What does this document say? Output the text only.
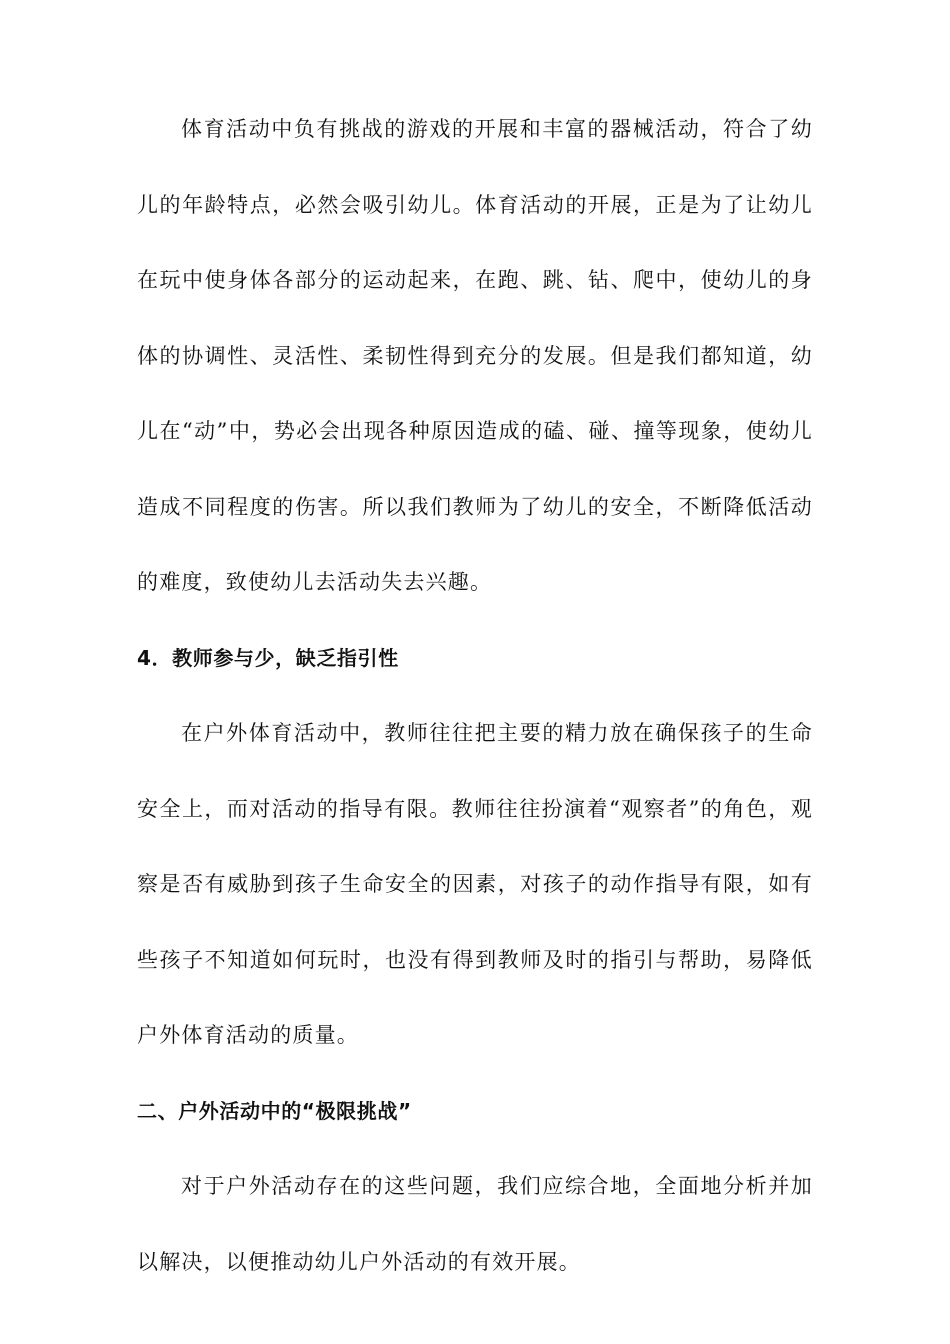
体育活动中负有挑战的游戏的开展和丰富的器械活动，符合了幼儿的年龄特点，必然会吸引幼儿。体育活动的开展，正是为了让幼儿在玩中使身体各部分的运动起来，在跑、跳、钻、爬中，使幼儿的身体的协调性、灵活性、柔韧性得到充分的发展。但是我们都知道，幼儿在“动”中，势必会出现各种原因造成的磕、碰、撞等现象，使幼儿造成不同程度的伤害。所以我们教师为了幼儿的安全，不断降低活动的难度，致使幼儿去活动失去兴趣。

4．教师参与少，缺乏指引性

在户外体育活动中，教师往往把主要的精力放在确保孩子的生命安全上，而对活动的指导有限。教师往往扮演着“观察者”的角色，观察是否有威胁到孩子生命安全的因素，对孩子的动作指导有限，如有些孩子不知道如何玩时，也没有得到教师及时的指引与帮助，易降低户外体育活动的质量。

二、户外活动中的“极限挑战”

对于户外活动存在的这些问题，我们应综合地，全面地分析并加以解决，以便推动幼儿户外活动的有效开展。
